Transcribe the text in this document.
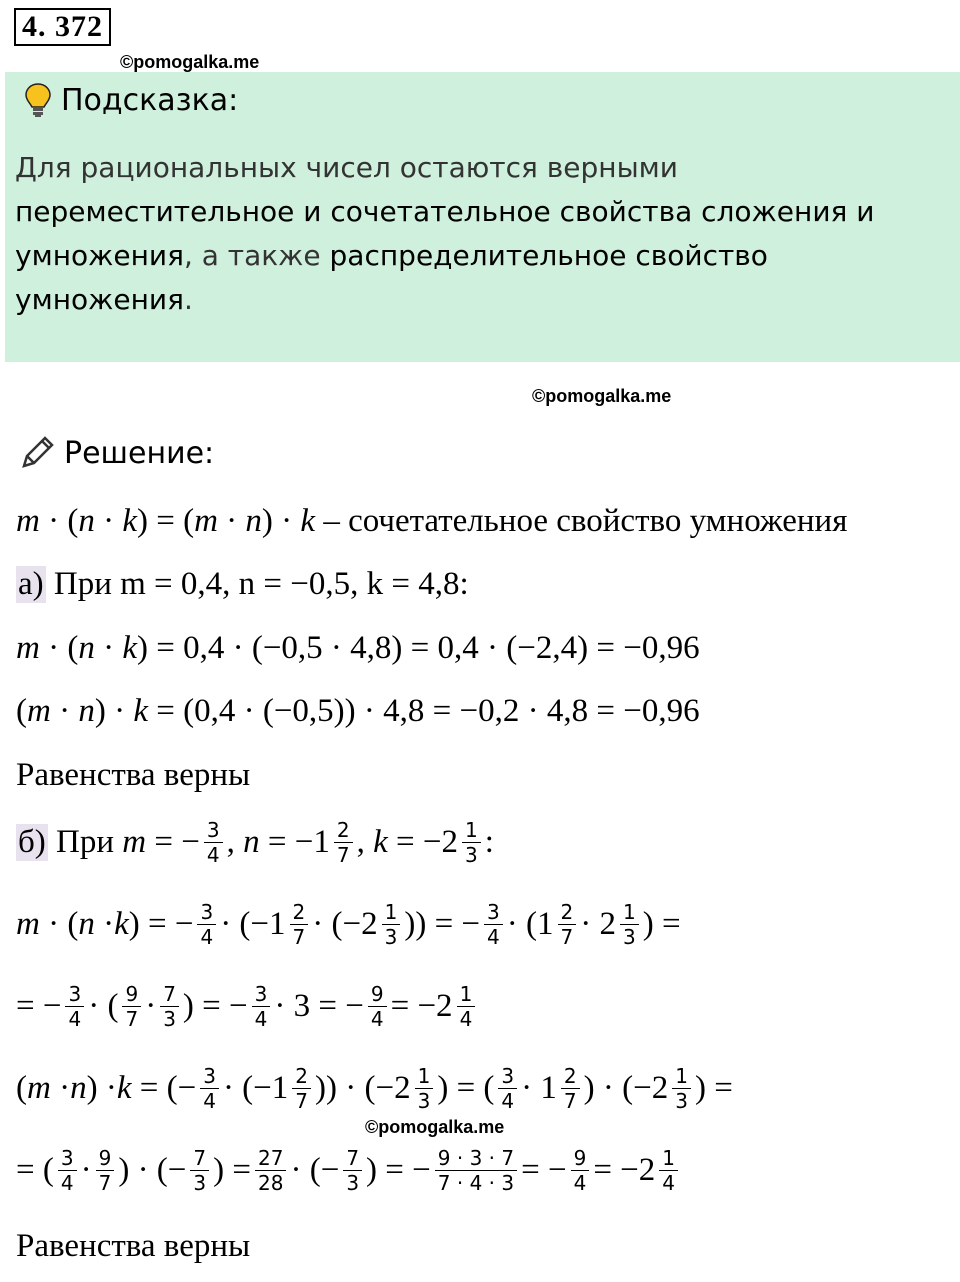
4. 372
©pomogalka.me
Подсказка:
Для рациональных чисел остаются верными
переместительное и сочетательное свойства сложения и умножения, а также распределительное свойство умножения.
©pomogalka.me
Решение:
m · (n · k) = (m · n) · k – сочетательное свойство умножения
а)
При m = 0,4, n = −0,5, k = 4,8:
m · (n · k) = 0,4 · (−0,5 · 4,8) = 0,4 · (−2,4) = −0,96
(m · n) · k = (0,4 · (−0,5)) · 4,8 = −0,2 · 4,8 = −0,96
Равенства верны
б)
При
m = − $\frac{3}{4}$ , $n = -1 \frac{2}{7}$ , $k = -2 \frac{1}{3}$ :
m · ( n · k ) = − $\frac{3}{4} \cdot (-1 \frac{2}{7} \cdot (-2 \frac{1}{3}$ )) = − $\frac{3}{4} \cdot (1 \frac{2}{7} \cdot 2 \frac{1}{3}$ ) =
= − $\frac{3}{4}$ · ( $\frac{9}{7} \cdot \frac{7}{3}$ ) = − $\frac{3}{4} \cdot 3$ = − $\frac{9}{4} = -2 \frac{1}{4}$
( m · n ) · k = (− $\frac{3}{4} \cdot (-1 \frac{2}{7}$ )) · ($-2 \frac{1}{3}$ ) = ( $\frac{3}{4} \cdot 1 \frac{2}{7}$ ) · ($-2 \frac{1}{3}$ ) =
©pomogalka.me
= ( $\frac{3}{4} \cdot \frac{9}{7}$ ) · (− $\frac{7}{3}$ ) = $\frac{27}{28}$ · (− $\frac{7}{3}$ ) = − $\frac{9 \cdot 3 \cdot 7}{7 \cdot 4 \cdot 3}$ = − $\frac{9}{4} = -2 \frac{1}{4}$
Равенства верны
